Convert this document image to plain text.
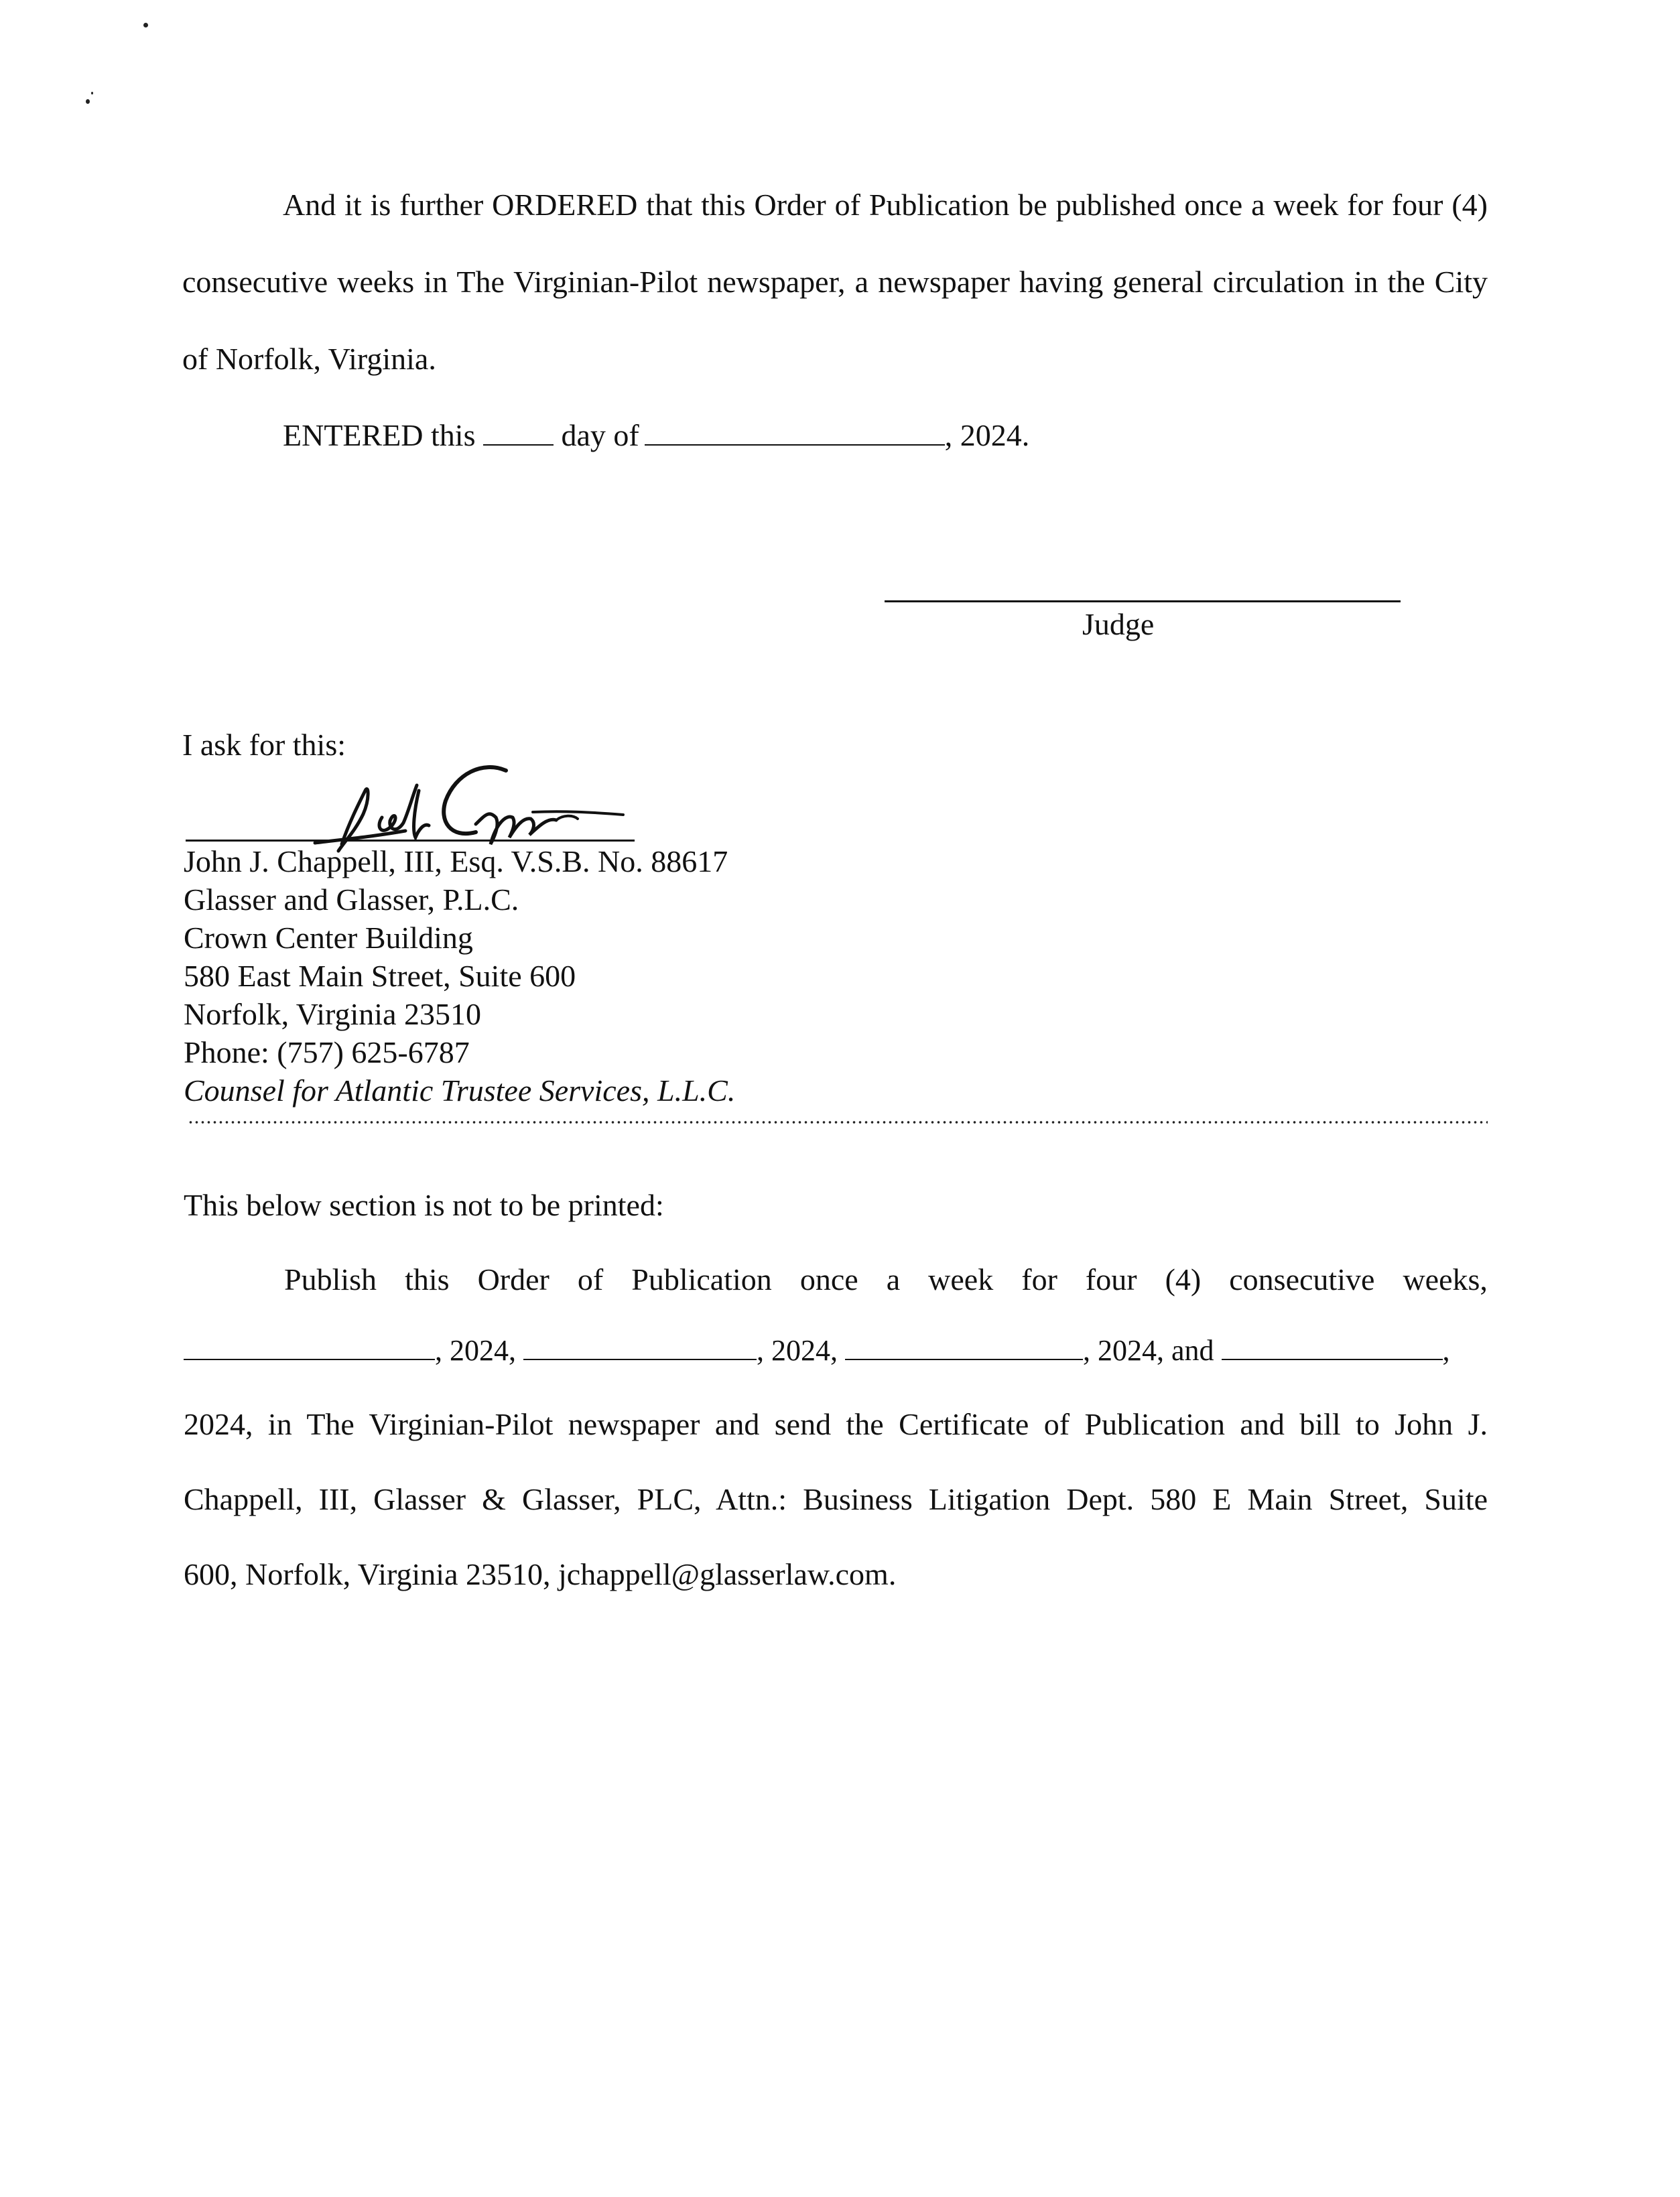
And it is further ORDERED that this Order of Publication be published once a week for four (4) consecutive weeks in The Virginian-Pilot newspaper, a newspaper having general circulation in the City of Norfolk, Virginia.

ENTERED this	day of	, 2024.
Judge
I ask for this:
John J. Chappell, III, Esq. V.S.B. No. 88617
Glasser and Glasser, P.L.C.
Crown Center Building
580 East Main Street, Suite 600
Norfolk, Virginia 23510
Phone: (757) 625-6787
Counsel for Atlantic Trustee Services, L.L.C.
This below section is not to be printed:
Publish this Order of Publication once a week for four (4) consecutive weeks,
, 2024,	, 2024,	, 2024, and	,

2024, in The Virginian-Pilot newspaper and send the Certificate of Publication and bill to John J.
Chappell, III, Glasser & Glasser, PLC, Attn.: Business Litigation Dept. 580 E Main Street, Suite
600, Norfolk, Virginia 23510, jchappell@glasserlaw.com.
